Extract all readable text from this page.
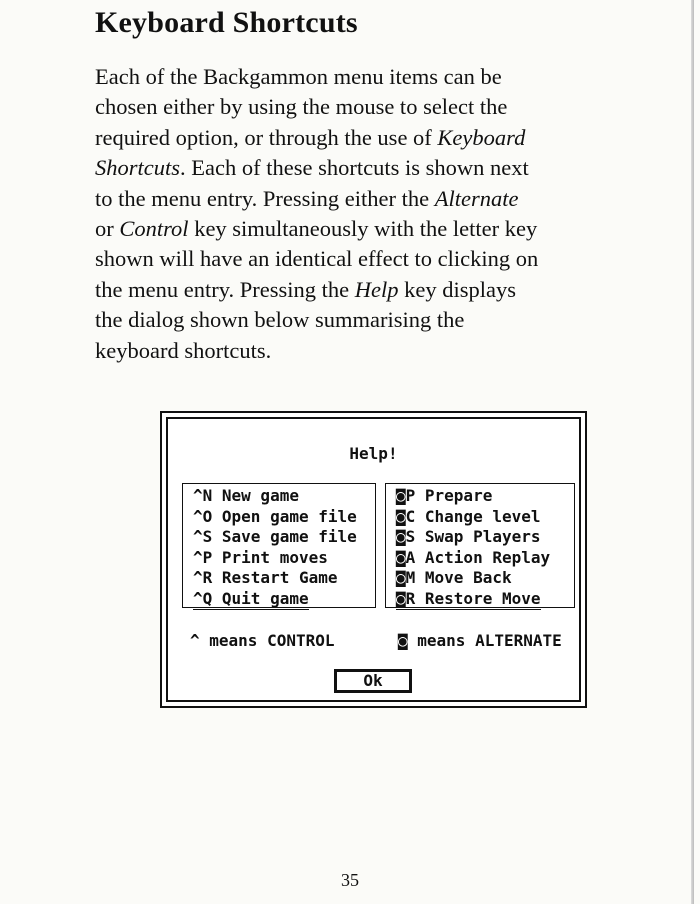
Keyboard Shortcuts
Each of the Backgammon menu items can be
chosen either by using the mouse to select the
required option, or through the use of Keyboard
Shortcuts. Each of these shortcuts is shown next
to the menu entry. Pressing either the Alternate
or Control key simultaneously with the letter key
shown will have an identical effect to clicking on
the menu entry. Pressing the Help key displays
the dialog shown below summarising the
keyboard shortcuts.
Help!
^N New game
^O Open game file
^S Save game file
^P Print moves
^R Restart Game
^Q Quit game
◙P Prepare
◙C Change level
◙S Swap Players
◙A Action Replay
◙M Move Back
◙R Restore Move
^ means CONTROL	◙ means ALTERNATE
Ok
35
